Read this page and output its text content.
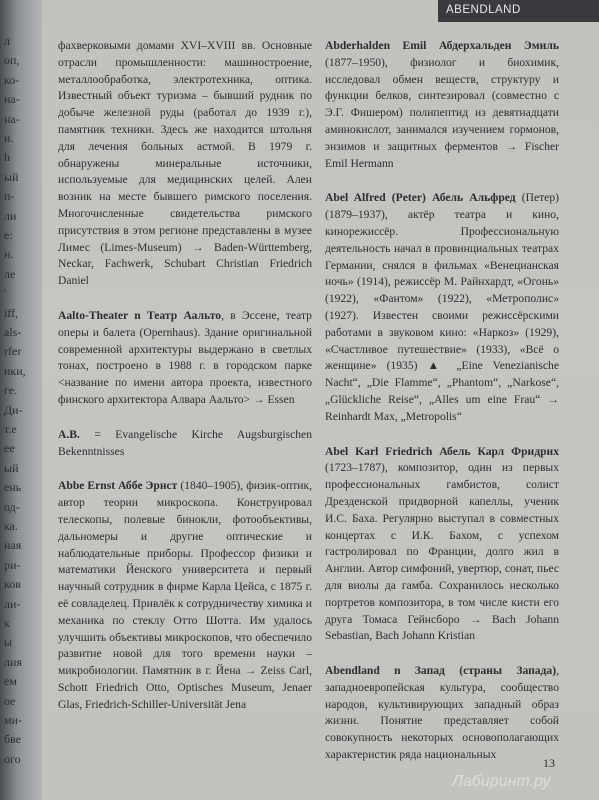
л
оп,
ко-
на-
на-
н.
h
ый
п-
ли
е:
н.
ле
'
iff,
als-
rfer
ики,
ге.
Ди-
т.е
ее
ый
ень
од-
ка.
ная
ри-
ков
ли-
к
ы
лия
ем
ое
ми-
бве
ого
ABENDLAND

фахверковыми домами XVI–XVIII вв. Основные отрасли промышленности: машиностроение, металлообработка, электротехника, оптика. Известный объект туризма – бывший рудник по добыче железной руды (работал до 1939 г.), памятник техники. Здесь же находится штольня для лечения больных астмой. В 1979 г. обнаружены минеральные источники, используемые для медицинских целей. Ален возник на месте бывшего римского поселения. Многочисленные свидетельства римского присутствия в этом регионе представлены в музее Лимес (Limes-Museum) → Baden-Württemberg, Neckar, Fachwerk, Schubart Christian Friedrich Daniel

Aalto-Theater n Театр Аальто, в Эссене, театр оперы и балета (Opernhaus). Здание оригинальной современной архитектуры выдержано в светлых тонах, построено в 1988 г. в городском парке <название по имени автора проекта, известного финского архитектора Алвара Аальто> → Essen

A.B. = Evangelische Kirche Augsburgischen Bekenntnisses

Abbe Ernst Аббе Эрнст (1840–1905), физик-оптик, автор теории микроскопа. Конструировал телескопы, полевые бинокли, фотообъективы, дальномеры и другие оптические и наблюдательные приборы. Профессор физики и математики Йенского университета и первый научный сотрудник в фирме Карла Цейса, с 1875 г. её совладелец. Привлёк к сотрудничеству химика и механика по стеклу Отто Шотта. Им удалось улучшить объективы микроскопов, что обеспечило развитие новой для того времени науки – микробиологии. Памятник в г. Йена → Zeiss Carl, Schott Friedrich Otto, Optisches Museum, Jenaer Glas, Friedrich-Schiller-Universität Jena

Abderhalden Emil Абдерхальден Эмиль (1877–1950), физиолог и биохимик, исследовал обмен веществ, структуру и функции белков, синтезировал (совместно с Э.Г. Фишером) полипептид из девятнадцати аминокислот, занимался изучением гормонов, энзимов и защитных ферментов → Fischer Emil Hermann

Abel Alfred (Peter) Абель Альфред (Петер) (1879–1937), актёр театра и кино, кинорежиссёр. Профессиональную деятельность начал в провинциальных театрах Германии, снялся в фильмах «Венецианская ночь» (1914), режиссёр М. Райнхардт, «Огонь» (1922), «Фантом» (1922), «Метрополис» (1927). Известен своими режиссёрскими работами в звуковом кино: «Наркоз» (1929), «Счастливое путешествие» (1933), «Всё о женщине» (1935) ▲ „Eine Venezianische Nacht“, „Die Flamme“, „Phantom“, „Narkose“, „Glückliche Reise“, „Alles um eine Frau“ → Reinhardt Max, „Metropolis“

Abel Karl Friedrich Абель Карл Фридрих (1723–1787), композитор, один из первых профессиональных гамбистов, солист Дрезденской придворной капеллы, ученик И.С. Баха. Регулярно выступал в совместных концертах с И.К. Бахом, с успехом гастролировал по Франции, долго жил в Англии. Автор симфоний, увертюр, сонат, пьес для виолы да гамба. Сохранилось несколько портретов композитора, в том числе кисти его друга Томаса Гейнсборо → Bach Johann Sebastian, Bach Johann Kristian

Abendland n Запад (страны Запада), западноевропейская культура, сообщество народов, культивирующих западный образ жизни. Понятие представляет собой совокупность некоторых основополагающих характеристик ряда национальных

13
Лабиринт.ру
